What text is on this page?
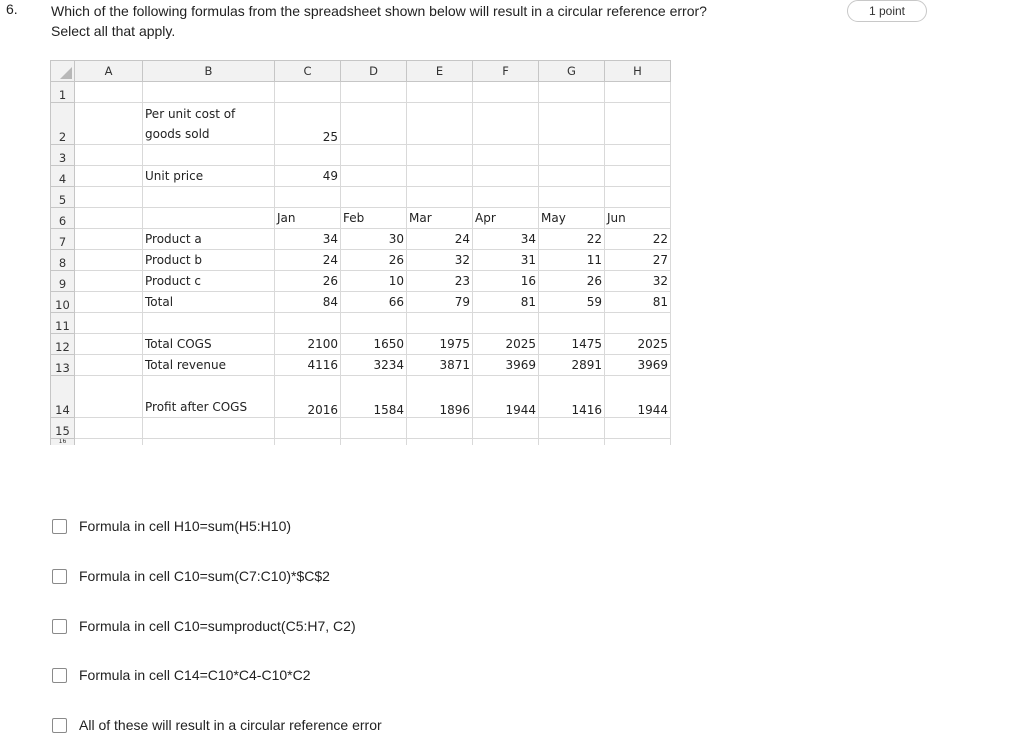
6. Which of the following formulas from the spreadsheet shown below will result in a circular reference error?
Select all that apply.
1 point
	A	B	C	D	E	F	G	H
1								
2		Per unit cost of goods sold	25					
3								
4		Unit price	49					
5								
6			Jan	Feb	Mar	Apr	May	Jun
7		Product a	34	30	24	34	22	22
8		Product b	24	26	32	31	11	27
9		Product c	26	10	23	16	26	32
10		Total	84	66	79	81	59	81
11								
12		Total COGS	2100	1650	1975	2025	1475	2025
13		Total revenue	4116	3234	3871	3969	2891	3969
14		Profit after COGS	2016	1584	1896	1944	1416	1944
15								
16								
Formula in cell H10=sum(H5:H10)
Formula in cell C10=sum(C7:C10)*$C$2
Formula in cell C10=sumproduct(C5:H7, C2)
Formula in cell C14=C10*C4-C10*C2
All of these will result in a circular reference error
